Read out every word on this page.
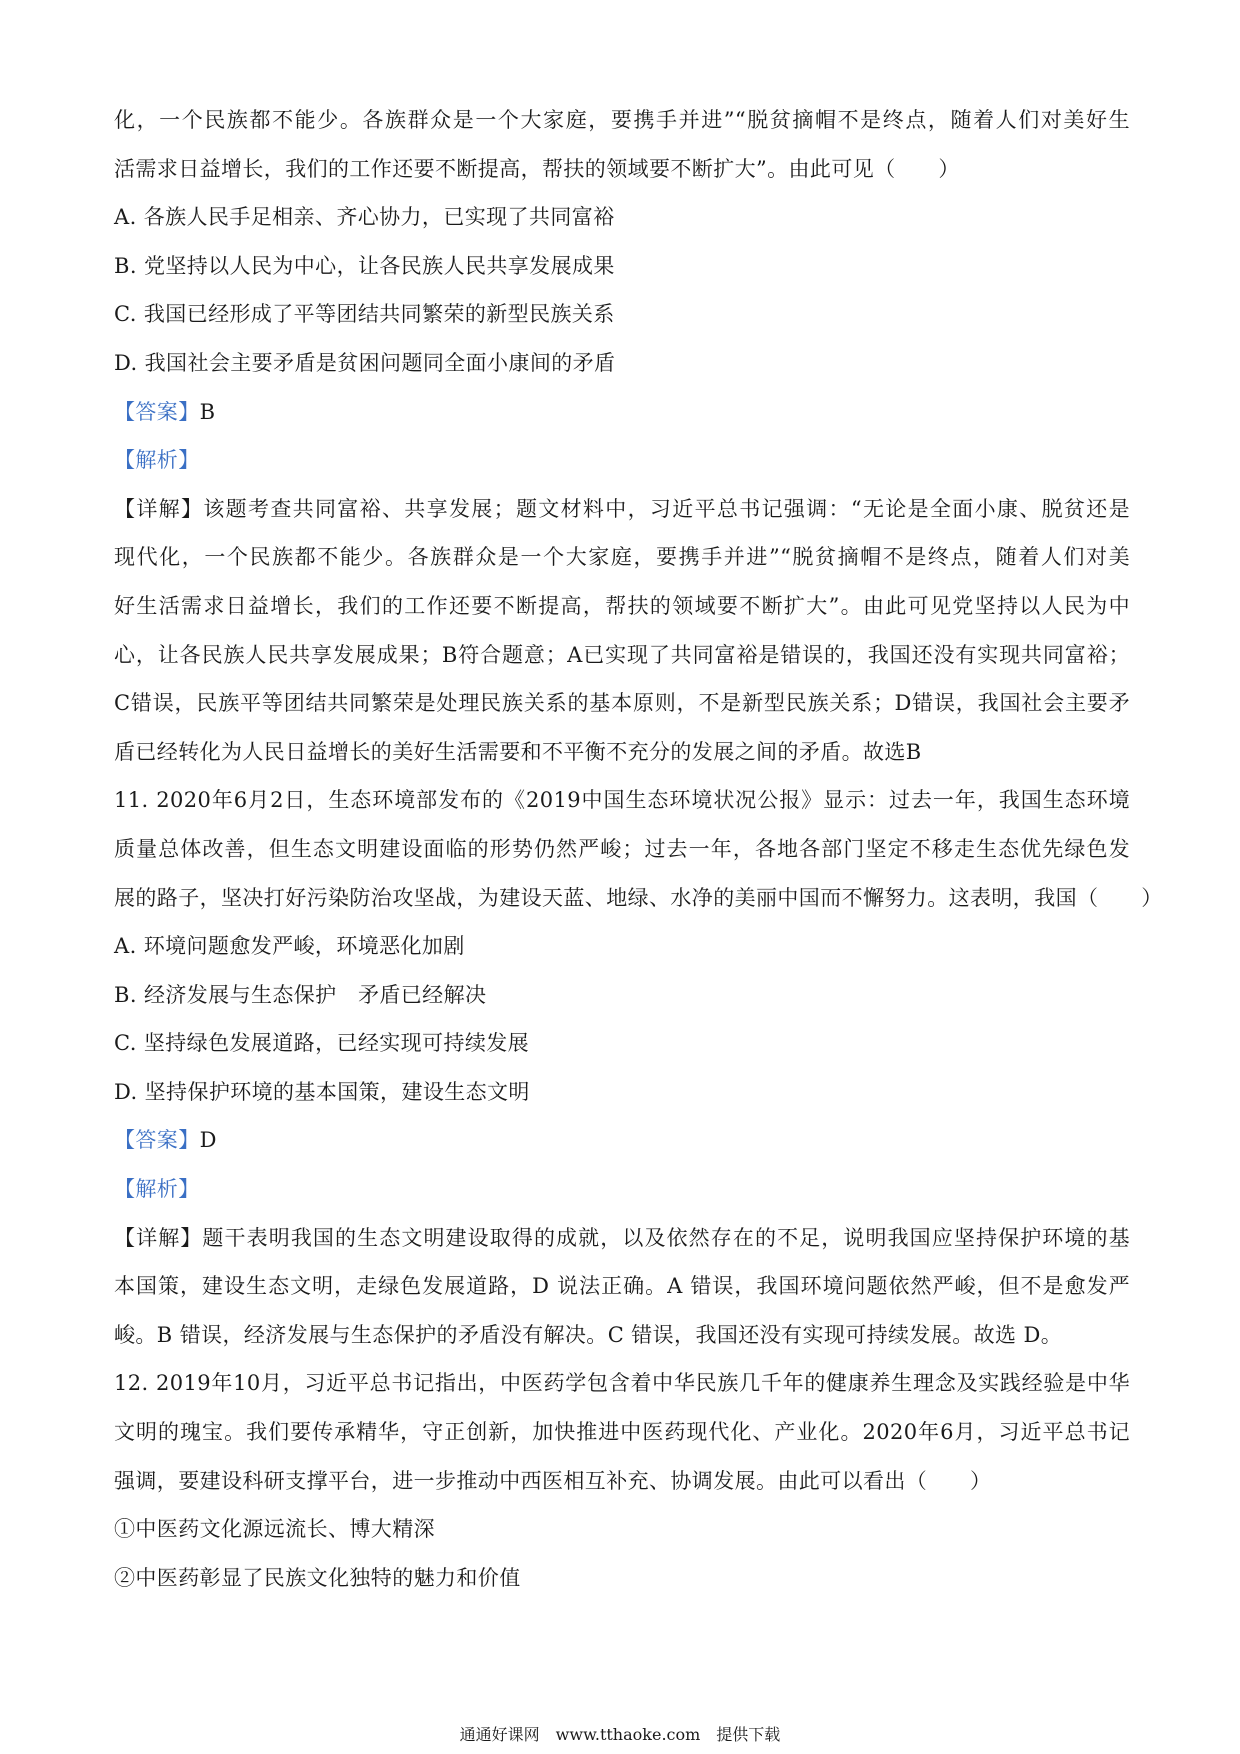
化，一个民族都不能少。各族群众是一个大家庭，要携手并进”“脱贫摘帽不是终点，随着人们对美好生
活需求日益增长，我们的工作还要不断提高，帮扶的领域要不断扩大”。由此可见（　　）
A. 各族人民手足相亲、齐心协力，已实现了共同富裕
B. 党坚持以人民为中心，让各民族人民共享发展成果
C. 我国已经形成了平等团结共同繁荣的新型民族关系
D. 我国社会主要矛盾是贫困问题同全面小康间的矛盾
【答案】B
【解析】
【详解】该题考查共同富裕、共享发展；题文材料中，习近平总书记强调：“无论是全面小康、脱贫还是
现代化，一个民族都不能少。各族群众是一个大家庭，要携手并进”“脱贫摘帽不是终点，随着人们对美
好生活需求日益增长，我们的工作还要不断提高，帮扶的领域要不断扩大”。由此可见党坚持以人民为中
心，让各民族人民共享发展成果；B符合题意；A已实现了共同富裕是错误的，我国还没有实现共同富裕；
C错误，民族平等团结共同繁荣是处理民族关系的基本原则，不是新型民族关系；D错误，我国社会主要矛
盾已经转化为人民日益增长的美好生活需要和不平衡不充分的发展之间的矛盾。故选B
11. 2020年6月2日，生态环境部发布的《2019中国生态环境状况公报》显示：过去一年，我国生态环境
质量总体改善，但生态文明建设面临的形势仍然严峻；过去一年，各地各部门坚定不移走生态优先绿色发
展的路子，坚决打好污染防治攻坚战，为建设天蓝、地绿、水净的美丽中国而不懈努力。这表明，我国（　　）
A. 环境问题愈发严峻，环境恶化加剧
B. 经济发展与生态保护　矛盾已经解决
C. 坚持绿色发展道路，已经实现可持续发展
D. 坚持保护环境的基本国策，建设生态文明
【答案】D
【解析】
【详解】题干表明我国的生态文明建设取得的成就，以及依然存在的不足，说明我国应坚持保护环境的基
本国策，建设生态文明，走绿色发展道路，D 说法正确。A 错误，我国环境问题依然严峻，但不是愈发严
峻。B 错误，经济发展与生态保护的矛盾没有解决。C 错误，我国还没有实现可持续发展。故选 D。
12. 2019年10月，习近平总书记指出，中医药学包含着中华民族几千年的健康养生理念及实践经验是中华
文明的瑰宝。我们要传承精华，守正创新，加快推进中医药现代化、产业化。2020年6月，习近平总书记
强调，要建设科研支撑平台，进一步推动中西医相互补充、协调发展。由此可以看出（　　）
①中医药文化源远流长、博大精深
②中医药彰显了民族文化独特的魅力和价值
通通好课网　www.tthaoke.com　提供下载
